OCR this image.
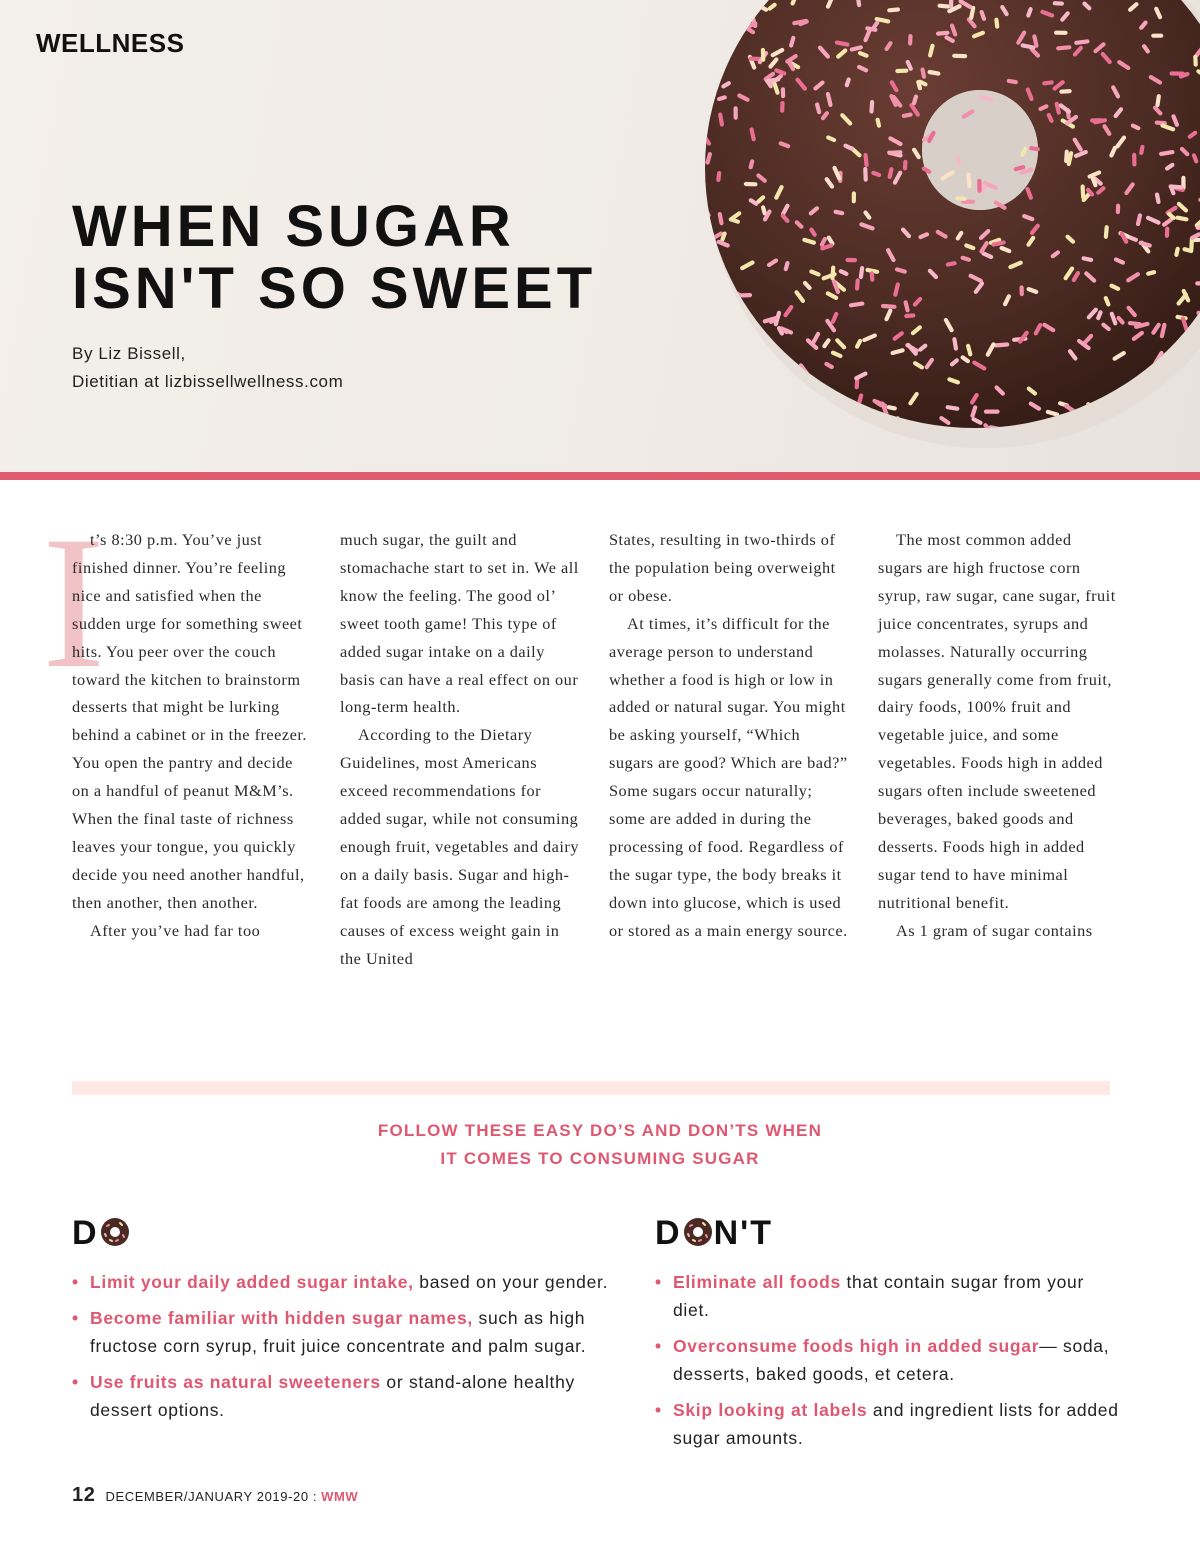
WELLNESS
WHEN SUGAR
ISN'T SO SWEET
By Liz Bissell,
Dietitian at lizbissellwellness.com
I

t’s 8:30 p.m. You’ve just finished dinner. You’re feeling nice and satisfied when the sudden urge for something sweet hits. You peer over the couch toward the kitchen to brainstorm desserts that might be lurking behind a cabinet or in the freezer. You open the pantry and decide on a handful of peanut M&M’s. When the final taste of richness leaves your tongue, you quickly decide you need another handful, then another, then another.

After you’ve had far too

much sugar, the guilt and stomachache start to set in. We all know the feeling. The good ol’ sweet tooth game! This type of added sugar intake on a daily basis can have a real effect on our long-term health.

According to the Dietary Guidelines, most Americans exceed recommendations for added sugar, while not consuming enough fruit, vegetables and dairy on a daily basis. Sugar and high-fat foods are among the leading causes of excess weight gain in the United

States, resulting in two-thirds of the population being overweight or obese.

At times, it’s difficult for the average person to understand whether a food is high or low in added or natural sugar. You might be asking yourself, “Which sugars are good? Which are bad?” Some sugars occur naturally; some are added in during the processing of food. Regardless of the sugar type, the body breaks it down into glucose, which is used or stored as a main energy source.

The most common added sugars are high fructose corn syrup, raw sugar, cane sugar, fruit juice concentrates, syrups and molasses. Naturally occurring sugars generally come from fruit, dairy foods, 100% fruit and vegetable juice, and some vegetables. Foods high in added sugars often include sweetened beverages, baked goods and desserts. Foods high in added sugar tend to have minimal nutritional benefit.

As 1 gram of sugar contains

FOLLOW THESE EASY DO’S AND DON’TS WHEN
IT COMES TO CONSUMING SUGAR
D
• Limit your daily added sugar intake, based on your gender.
• Become familiar with hidden sugar names, such as high fructose corn syrup, fruit juice concentrate and palm sugar.
• Use fruits as natural sweeteners or stand-alone healthy dessert options.
D N'T
• Eliminate all foods that contain sugar from your diet.
• Overconsume foods high in added sugar— soda, desserts, baked goods, et cetera.
• Skip looking at labels and ingredient lists for added sugar amounts.
12 DECEMBER/JANUARY 2019-20 : WMW
